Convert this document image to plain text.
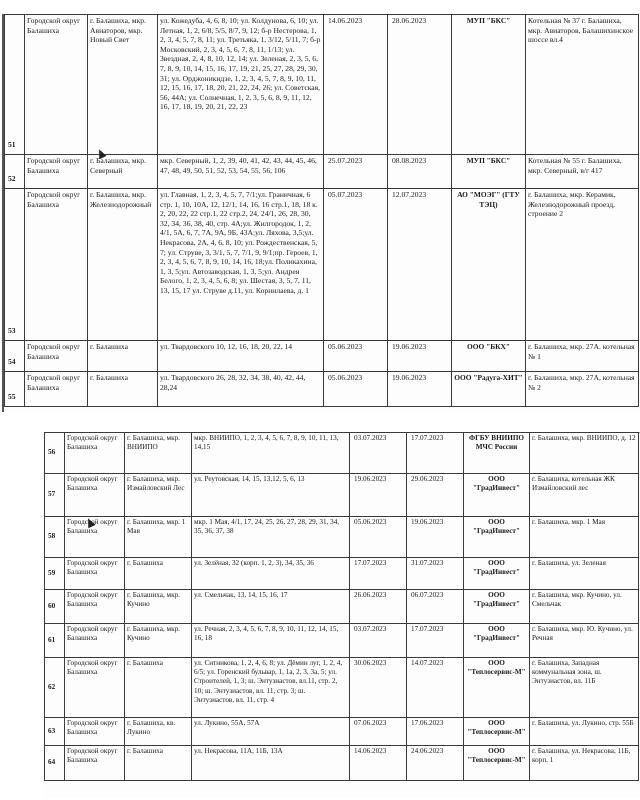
51	Городской округ Балашиха	г. Балашиха, мкр. Авиаторов, мкр. Новый Свет	ул. Кожедуба, 4, 6, 8, 10; ул. Колдунова, 6, 10; ул. Летная, 1, 2, 6/8, 5/5, 8/7, 9, 12; б-р Нестерова, 1, 2, 3, 4, 5, 7, 8, 11; ул. Третьяка, 1, 3/12, 5/11, 7; б-р Московский, 2, 3, 4, 5, 6, 7, 8, 11, 1/13; ул. Звездная, 2, 4, 8, 10, 12, 14; ул. Зеленая, 2, 3, 5, 6, 7, 8, 9, 10, 14, 15, 16, 17, 19, 21, 25, 27, 28, 29, 30, 31; ул. Орджоникидзе, 1, 2, 3, 4, 5, 7, 8, 9, 10, 11, 12, 15, 16, 17, 18, 20, 21, 22, 24, 26; ул. Советская, 56, 44А; ул. Солнечная, 1, 2, 3, 5, 6, 8, 9, 11, 12, 16, 17, 18, 19, 20, 21, 22, 23	14.06.2023	28.06.2023	МУП "БКС"	Котельная № 37 г. Балашиха, мкр. Авиаторов, Балашихинское шоссе вл.4
52	Городской округ Балашиха	г. Балашиха, мкр. Северный	мкр. Северный, 1, 2, 39, 40, 41, 42, 43, 44, 45, 46, 47, 48, 49, 50, 51, 52, 53, 54, 55, 56, 106	25.07.2023	08.08.2023	МУП "БКС"	Котельная № 55 г. Балашиха, мкр. Северный, в/г 417
53	Городской округ Балашиха	г. Балашиха, мкр. Железнодорожный	ул. Главная, 1, 2, 3, 4, 5, 7, 7/1;ул. Граничная, 6 стр. 1, 10, 10А, 12, 12/1, 14, 16, 16 стр.1, 18, 18 к. 2, 20, 22, 22 стр.1, 22 стр.2, 24, 24/1, 26, 28, 30, 32, 34, 36, 38, 40, стр. 4А;ул. Жилгородок, 1, 2, 4/1, 5А, 6, 7, 7А, 9А, 9Б, 43А;ул. Ляхова, 3,5;ул. Некрасова, 2А, 4, 6, 8, 10; ул. Рождественская, 5, 7; ул. Струве, 3, 3/1, 5, 7, 7/1, 9, 9/1;пр. Героев, 1, 2, 3, 4, 5, 6, 7, 8, 9, 10, 14, 16, 18;ул. Поликахина, 1, 3, 5;ул. Автозаводская, 1, 3, 5;ул. Андрея Белого, 1, 2, 3, 4, 5, 6, 8; ул. Шестая, 3, 5, 7, 11, 13, 15, 17 ул. Струве д.11, ул. Корнилаева, д. 1	05.07.2023	12.07.2023	АО "МОЭГ" (ГТУ ТЭЦ)	г. Балашиха, мкр. Керамик, Железнодорожный проезд, строение 2
54	Городской округ Балашиха	г. Балашиха	ул. Твардовского 10, 12, 16, 18, 20, 22, 14	05.06.2023	19.06.2023	ООО "БКХ"	г. Балашиха, мкр. 27А. котельная № 1
55	Городской округ Балашиха	г. Балашиха	ул. Твардовского 26, 28, 32, 34, 38, 40, 42, 44, 28,24	05.06.2023	19.06.2023	ООО "Радуга-ХИТ"	г. Балашиха, мкр. 27А, котельная № 2
56	Городской округ Балашиха	г. Балашиха, мкр. ВНИИПО	мкр. ВНИИПО, 1, 2, 3, 4, 5, 6, 7, 8, 9, 10, 11, 13, 14,15	03.07.2023	17.07.2023	ФГБУ ВНИИПО МЧС России	г. Балашиха, мкр. ВНИИПО, д. 12
57	Городской округ Балашиха	г. Балашиха, мкр. Измайловский Лес	ул. Реутовская, 14, 15, 13,12, 5, 6, 13	19.06.2023	29.06.2023	ООО "ГрадИнвест"	г. Балашиха, котельная ЖК Измайловский лес
58	Городской округ Балашиха	г. Балашиха, мкр. 1 Мая	мкр. 1 Мая, 4/1, 17, 24, 25, 26, 27, 28, 29, 31, 34, 35, 36, 37, 38	05.06.2023	19.06.2023	ООО "ГрадИнвест"	г. Балашиха, мкр. 1 Мая
59	Городской округ Балашиха	г. Балашиха	ул. Зелёная, 32 (корп. 1, 2, 3), 34, 35, 36	17.07.2023	31.07.2023	ООО "ГрадИнвест"	г. Балашиха, ул. Зеленая
60	Городской округ Балашиха	г. Балашиха, мкр. Кучино	ул. Смельчак, 13, 14, 15, 16, 17	26.06.2023	06.07.2023	ООО "ГрадИнвест"	г. Балашиха, мкр. Кучино, ул. Смельчак
61	Городской округ Балашиха	г. Балашиха, мкр. Кучино	ул. Речная, 2, 3, 4, 5, 6, 7, 8, 9, 10, 11, 12, 14, 15, 16, 18	03.07.2023	17.07.2023	ООО "ГрадИнвест"	г. Балашиха, мкр. Ю. Кучино, ул. Речная
62	Городской округ Балашиха	г. Балашиха	ул. Ситникова, 1, 2, 4, 6, 8; ул. Дёмин луг, 1, 2, 4, 6/5; ул. Горенский бульвар, 1, 1а, 2, 3, 3а, 5; ул. Строителей, 1, 3; ш. Энтузиастов, вл.11, стр. 2, 10; ш. Энтузиастов, вл. 11, стр. 3; ш. Энтузиастов, вл. 11, стр. 4	30.06.2023	14.07.2023	ООО "Теплосервис-М"	г. Балашиха, Западная коммунальная зона, ш. Энтузиастов, вл. 11Б
63	Городской округ Балашиха	г. Балашиха, кв. Лукино	ул. Лукино, 55А, 57А	07.06.2023	17.06.2023	ООО "Теплосервис-М"	г. Балашиха, ул. Лукино, стр. 55Б
64	Городской округ Балашиха	г. Балашиха	ул. Некрасова, 11А, 11Б, 13А	14.06.2023	24.06.2023	ООО "Теплосервис-М"	г. Балашиха, ул. Некрасова, 11Б, корп. 1
